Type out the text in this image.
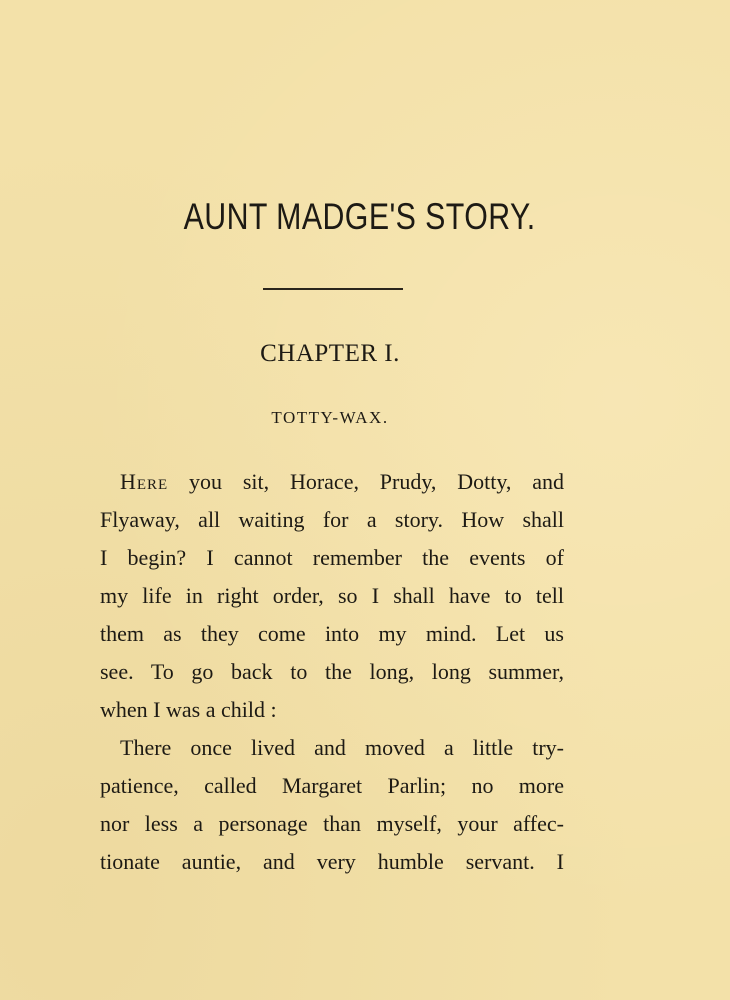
AUNT MADGE'S STORY.
CHAPTER I.
TOTTY-WAX.

Here you sit, Horace, Prudy, Dotty, and
Flyaway, all waiting for a story. How shall
I begin? I cannot remember the events of
my life in right order, so I shall have to tell
them as they come into my mind. Let us
see. To go back to the long, long summer,
when I was a child :

There once lived and moved a little try-
patience, called Margaret Parlin; no more
nor less a personage than myself, your affec-
tionate auntie, and very humble servant. I
